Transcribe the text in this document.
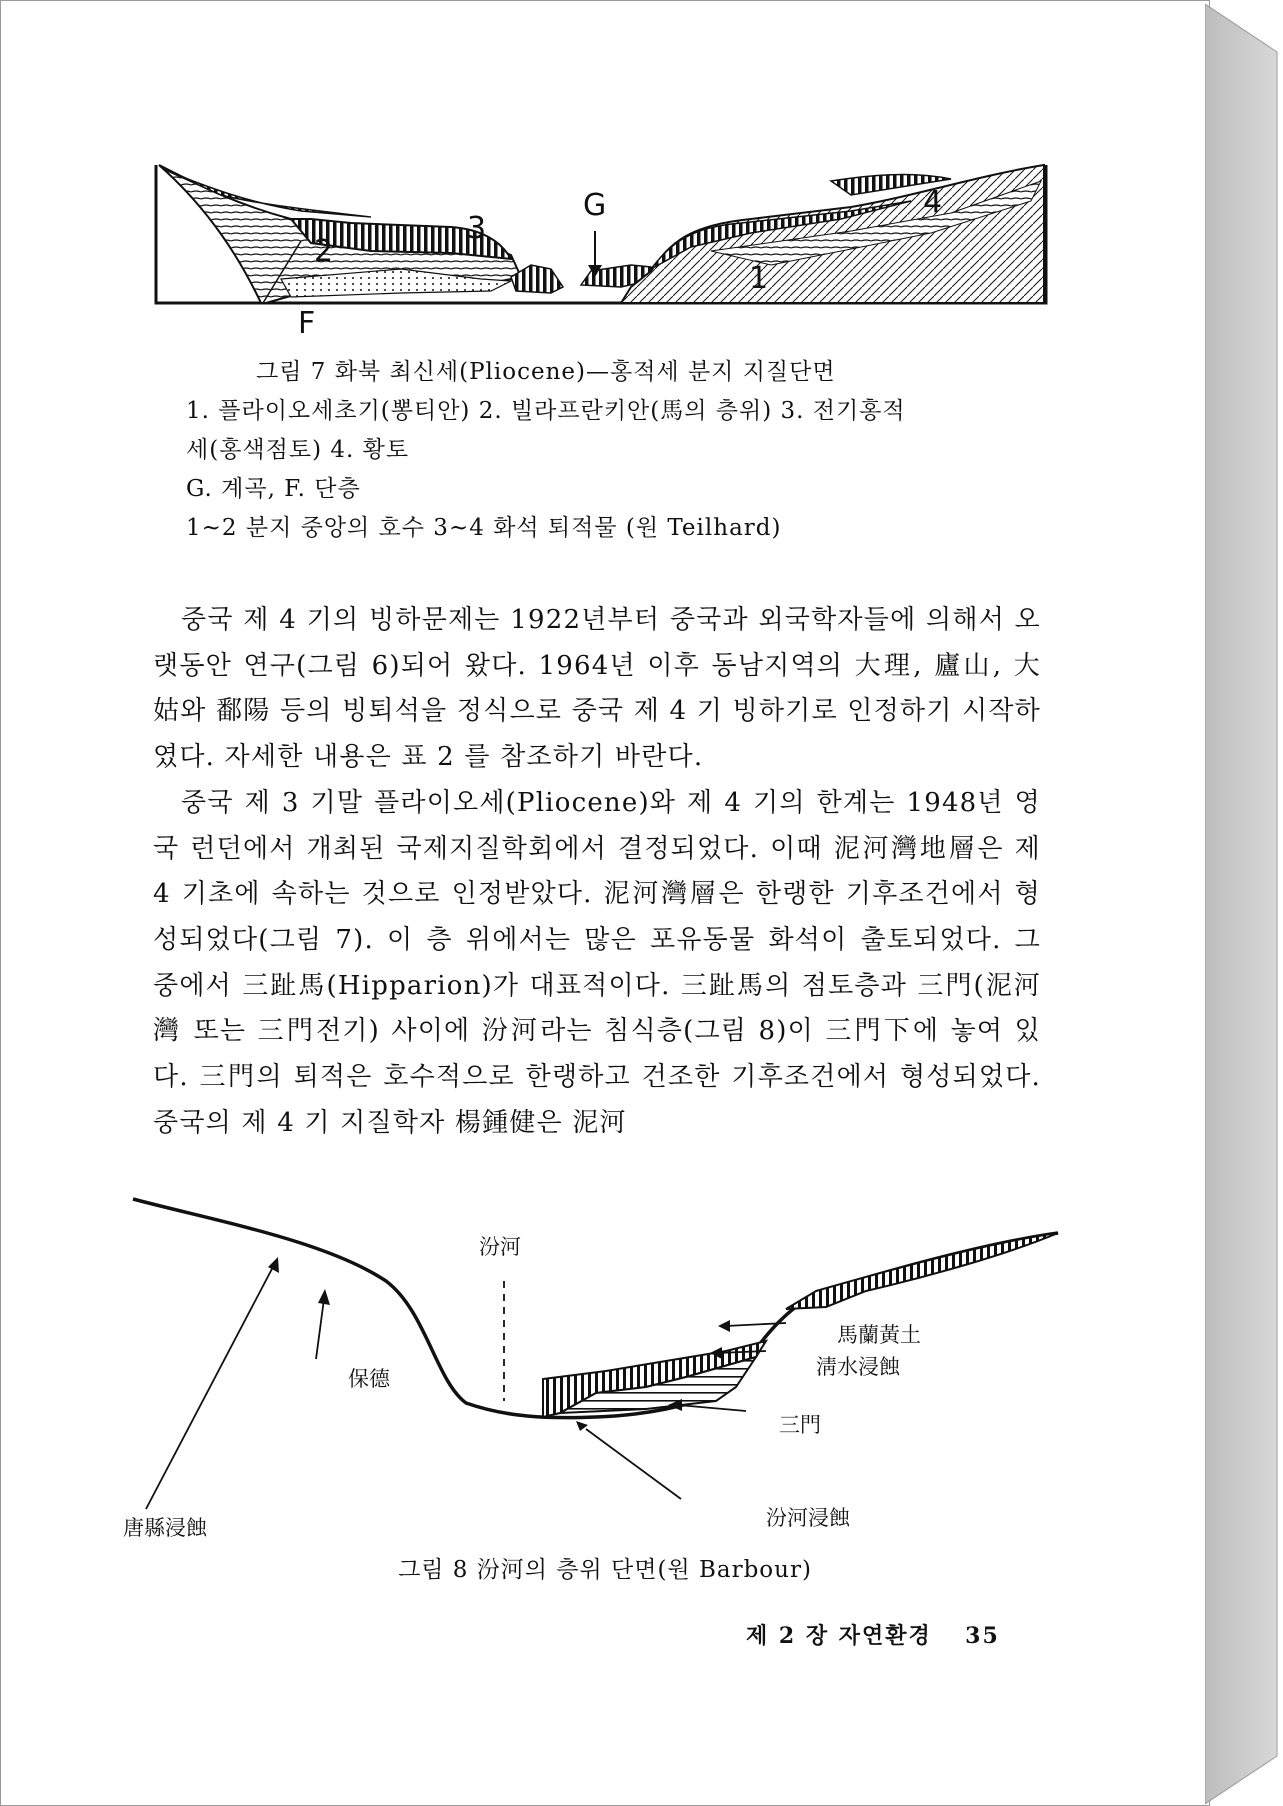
2
3
G
1
4
F
그림 7 화북 최신세(Pliocene)—홍적세 분지 지질단면
1. 플라이오세초기(뽕티안) 2. 빌라프란키안(馬의 층위) 3. 전기홍적
세(홍색점토) 4. 황토
G. 계곡, F. 단층
1~2 분지 중앙의 호수 3~4 화석 퇴적물 (원 Teilhard)

중국 제 4 기의 빙하문제는 1922년부터 중국과 외국학자들에 의해서 오랫동안 연구(그림 6)되어 왔다. 1964년 이후 동남지역의 大理, 廬山, 大姑와 鄱陽 등의 빙퇴석을 정식으로 중국 제 4 기 빙하기로 인정하기 시작하였다. 자세한 내용은 표 2 를 참조하기 바란다.

중국 제 3 기말 플라이오세(Pliocene)와 제 4 기의 한계는 1948년 영국 런던에서 개최된 국제지질학회에서 결정되었다. 이때 泥河灣地層은 제 4 기초에 속하는 것으로 인정받았다. 泥河灣層은 한랭한 기후조건에서 형성되었다(그림 7). 이 층 위에서는 많은 포유동물 화석이 출토되었다. 그 중에서 三趾馬(Hipparion)가 대표적이다. 三趾馬의 점토층과 三門(泥河灣 또는 三門전기) 사이에 汾河라는 침식층(그림 8)이 三門下에 놓여 있다. 三門의 퇴적은 호수적으로 한랭하고 건조한 기후조건에서 형성되었다. 중국의 제 4 기 지질학자 楊鍾健은 泥河

汾河
保德
馬蘭黃土
淸水浸蝕
三門
唐縣浸蝕	汾河浸蝕
그림 8 汾河의 층위 단면(원 Barbour)
제 2 장 자연환경 35
